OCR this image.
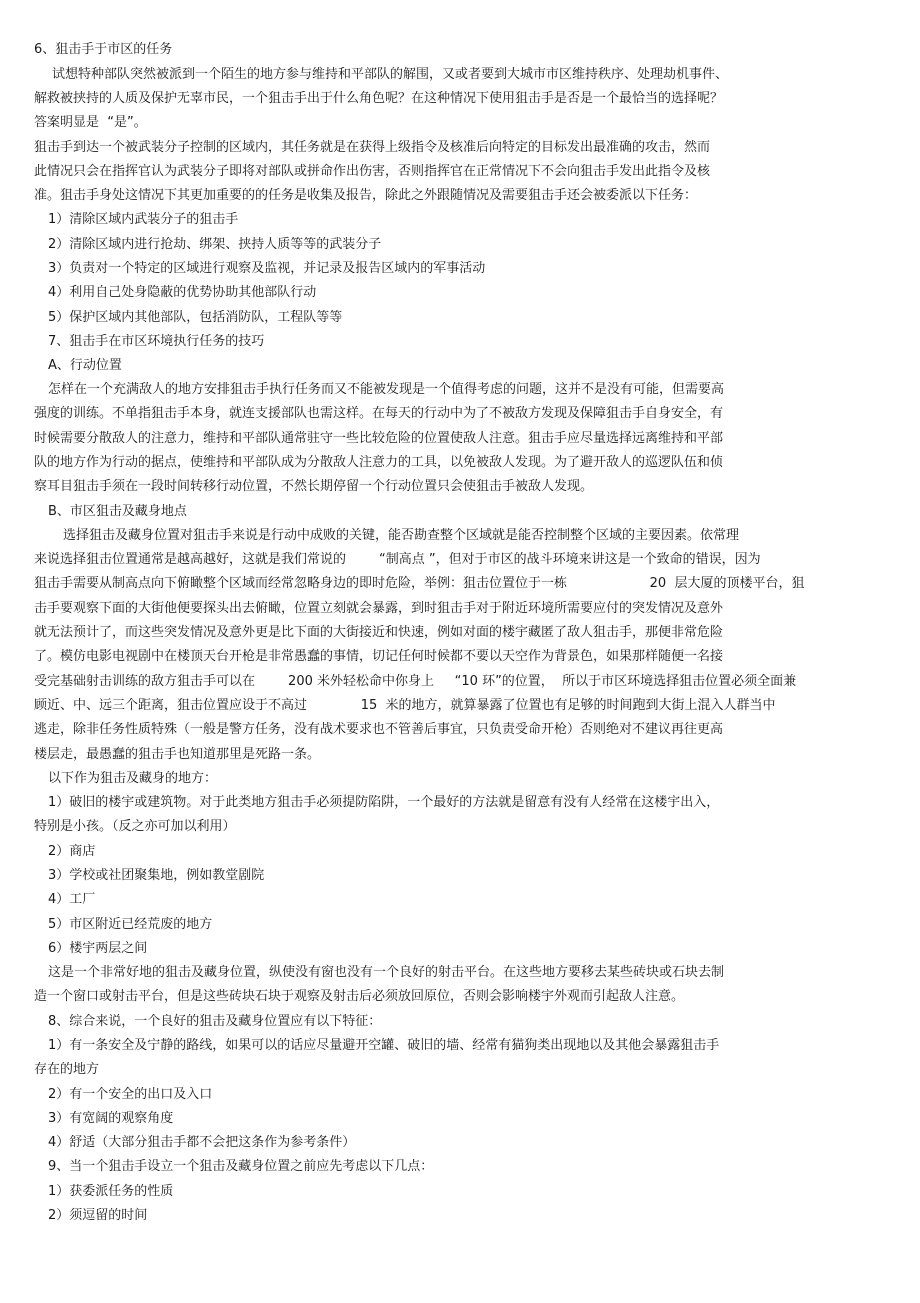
6、狙击手于市区的任务
试想特种部队突然被派到一个陌生的地方参与维持和平部队的解围，又或者要到大城市市区维持秩序、处理劫机事件、
解救被挟持的人质及保护无辜市民，一个狙击手出于什么角色呢？在这种情况下使用狙击手是否是一个最恰当的选择呢？
答案明显是  “是”。
狙击手到达一个被武装分子控制的区域内，其任务就是在获得上级指令及核准后向特定的目标发出最准确的攻击，然而
此情况只会在指挥官认为武装分子即将对部队或拼命作出伤害，否则指挥官在正常情况下不会向狙击手发出此指令及核
准。狙击手身处这情况下其更加重要的的任务是收集及报告，除此之外跟随情况及需要狙击手还会被委派以下任务：
1）清除区域内武装分子的狙击手
2）清除区域内进行抢劫、绑架、挟持人质等等的武装分子
3）负责对一个特定的区域进行观察及监视，并记录及报告区域内的军事活动
4）利用自己处身隐蔽的优势协助其他部队行动
5）保护区域内其他部队，包括消防队，工程队等等
7、狙击手在市区环境执行任务的技巧
A、行动位置
怎样在一个充满敌人的地方安排狙击手执行任务而又不能被发现是一个值得考虑的问题，这并不是没有可能，但需要高
强度的训练。不单指狙击手本身，就连支援部队也需这样。在每天的行动中为了不被敌方发现及保障狙击手自身安全，有
时候需要分散敌人的注意力，维持和平部队通常驻守一些比较危险的位置使敌人注意。狙击手应尽量选择远离维持和平部
队的地方作为行动的据点，使维持和平部队成为分散敌人注意力的工具，以免被敌人发现。为了避开敌人的巡逻队伍和侦
察耳目狙击手须在一段时间转移行动位置，不然长期停留一个行动位置只会使狙击手被敌人发现。
B、市区狙击及藏身地点
选择狙击及藏身位置对狙击手来说是行动中成败的关键，能否勘查整个区域就是能否控制整个区域的主要因素。依常理
来说选择狙击位置通常是越高越好，这就是我们常说的        “制高点 ”，但对于市区的战斗环境来讲这是一个致命的错误，因为
狙击手需要从制高点向下俯瞰整个区域而经常忽略身边的即时危险，举例：狙击位置位于一栋                    20  层大厦的顶楼平台，狙
击手要观察下面的大街他便要探头出去俯瞰，位置立刻就会暴露，到时狙击手对于附近环境所需要应付的突发情况及意外
就无法预计了，而这些突发情况及意外更是比下面的大街接近和快速，例如对面的楼宇藏匿了敌人狙击手，那便非常危险
了。模仿电影电视剧中在楼顶天台开枪是非常愚蠢的事情，切记任何时候都不要以天空作为背景色，如果那样随便一名接
受完基础射击训练的敌方狙击手可以在        200 米外轻松命中你身上     “10 环”的位置，  所以于市区环境选择狙击位置必须全面兼
顾近、中、远三个距离，狙击位置应设于不高过             15  米的地方，就算暴露了位置也有足够的时间跑到大街上混入人群当中
逃走，除非任务性质特殊（一般是警方任务，没有战术要求也不管善后事宜，只负责受命开枪）否则绝对不建议再往更高
楼层走，最愚蠢的狙击手也知道那里是死路一条。
以下作为狙击及藏身的地方：
1）破旧的楼宇或建筑物。对于此类地方狙击手必须提防陷阱，一个最好的方法就是留意有没有人经常在这楼宇出入，
特别是小孩。（反之亦可加以利用）
2）商店
3）学校或社团聚集地，例如教堂剧院
4）工厂
5）市区附近已经荒废的地方
6）楼宇两层之间
这是一个非常好地的狙击及藏身位置，纵使没有窗也没有一个良好的射击平台。在这些地方要移去某些砖块或石块去制
造一个窗口或射击平台，但是这些砖块石块于观察及射击后必须放回原位，否则会影响楼宇外观而引起敌人注意。
8、综合来说，一个良好的狙击及藏身位置应有以下特征：
1）有一条安全及宁静的路线，如果可以的话应尽量避开空罐、破旧的墙、经常有猫狗类出现地以及其他会暴露狙击手
存在的地方
2）有一个安全的出口及入口
3）有宽阔的观察角度
4）舒适（大部分狙击手都不会把这条作为参考条件）
9、当一个狙击手设立一个狙击及藏身位置之前应先考虑以下几点：
1）获委派任务的性质
2）须逗留的时间
